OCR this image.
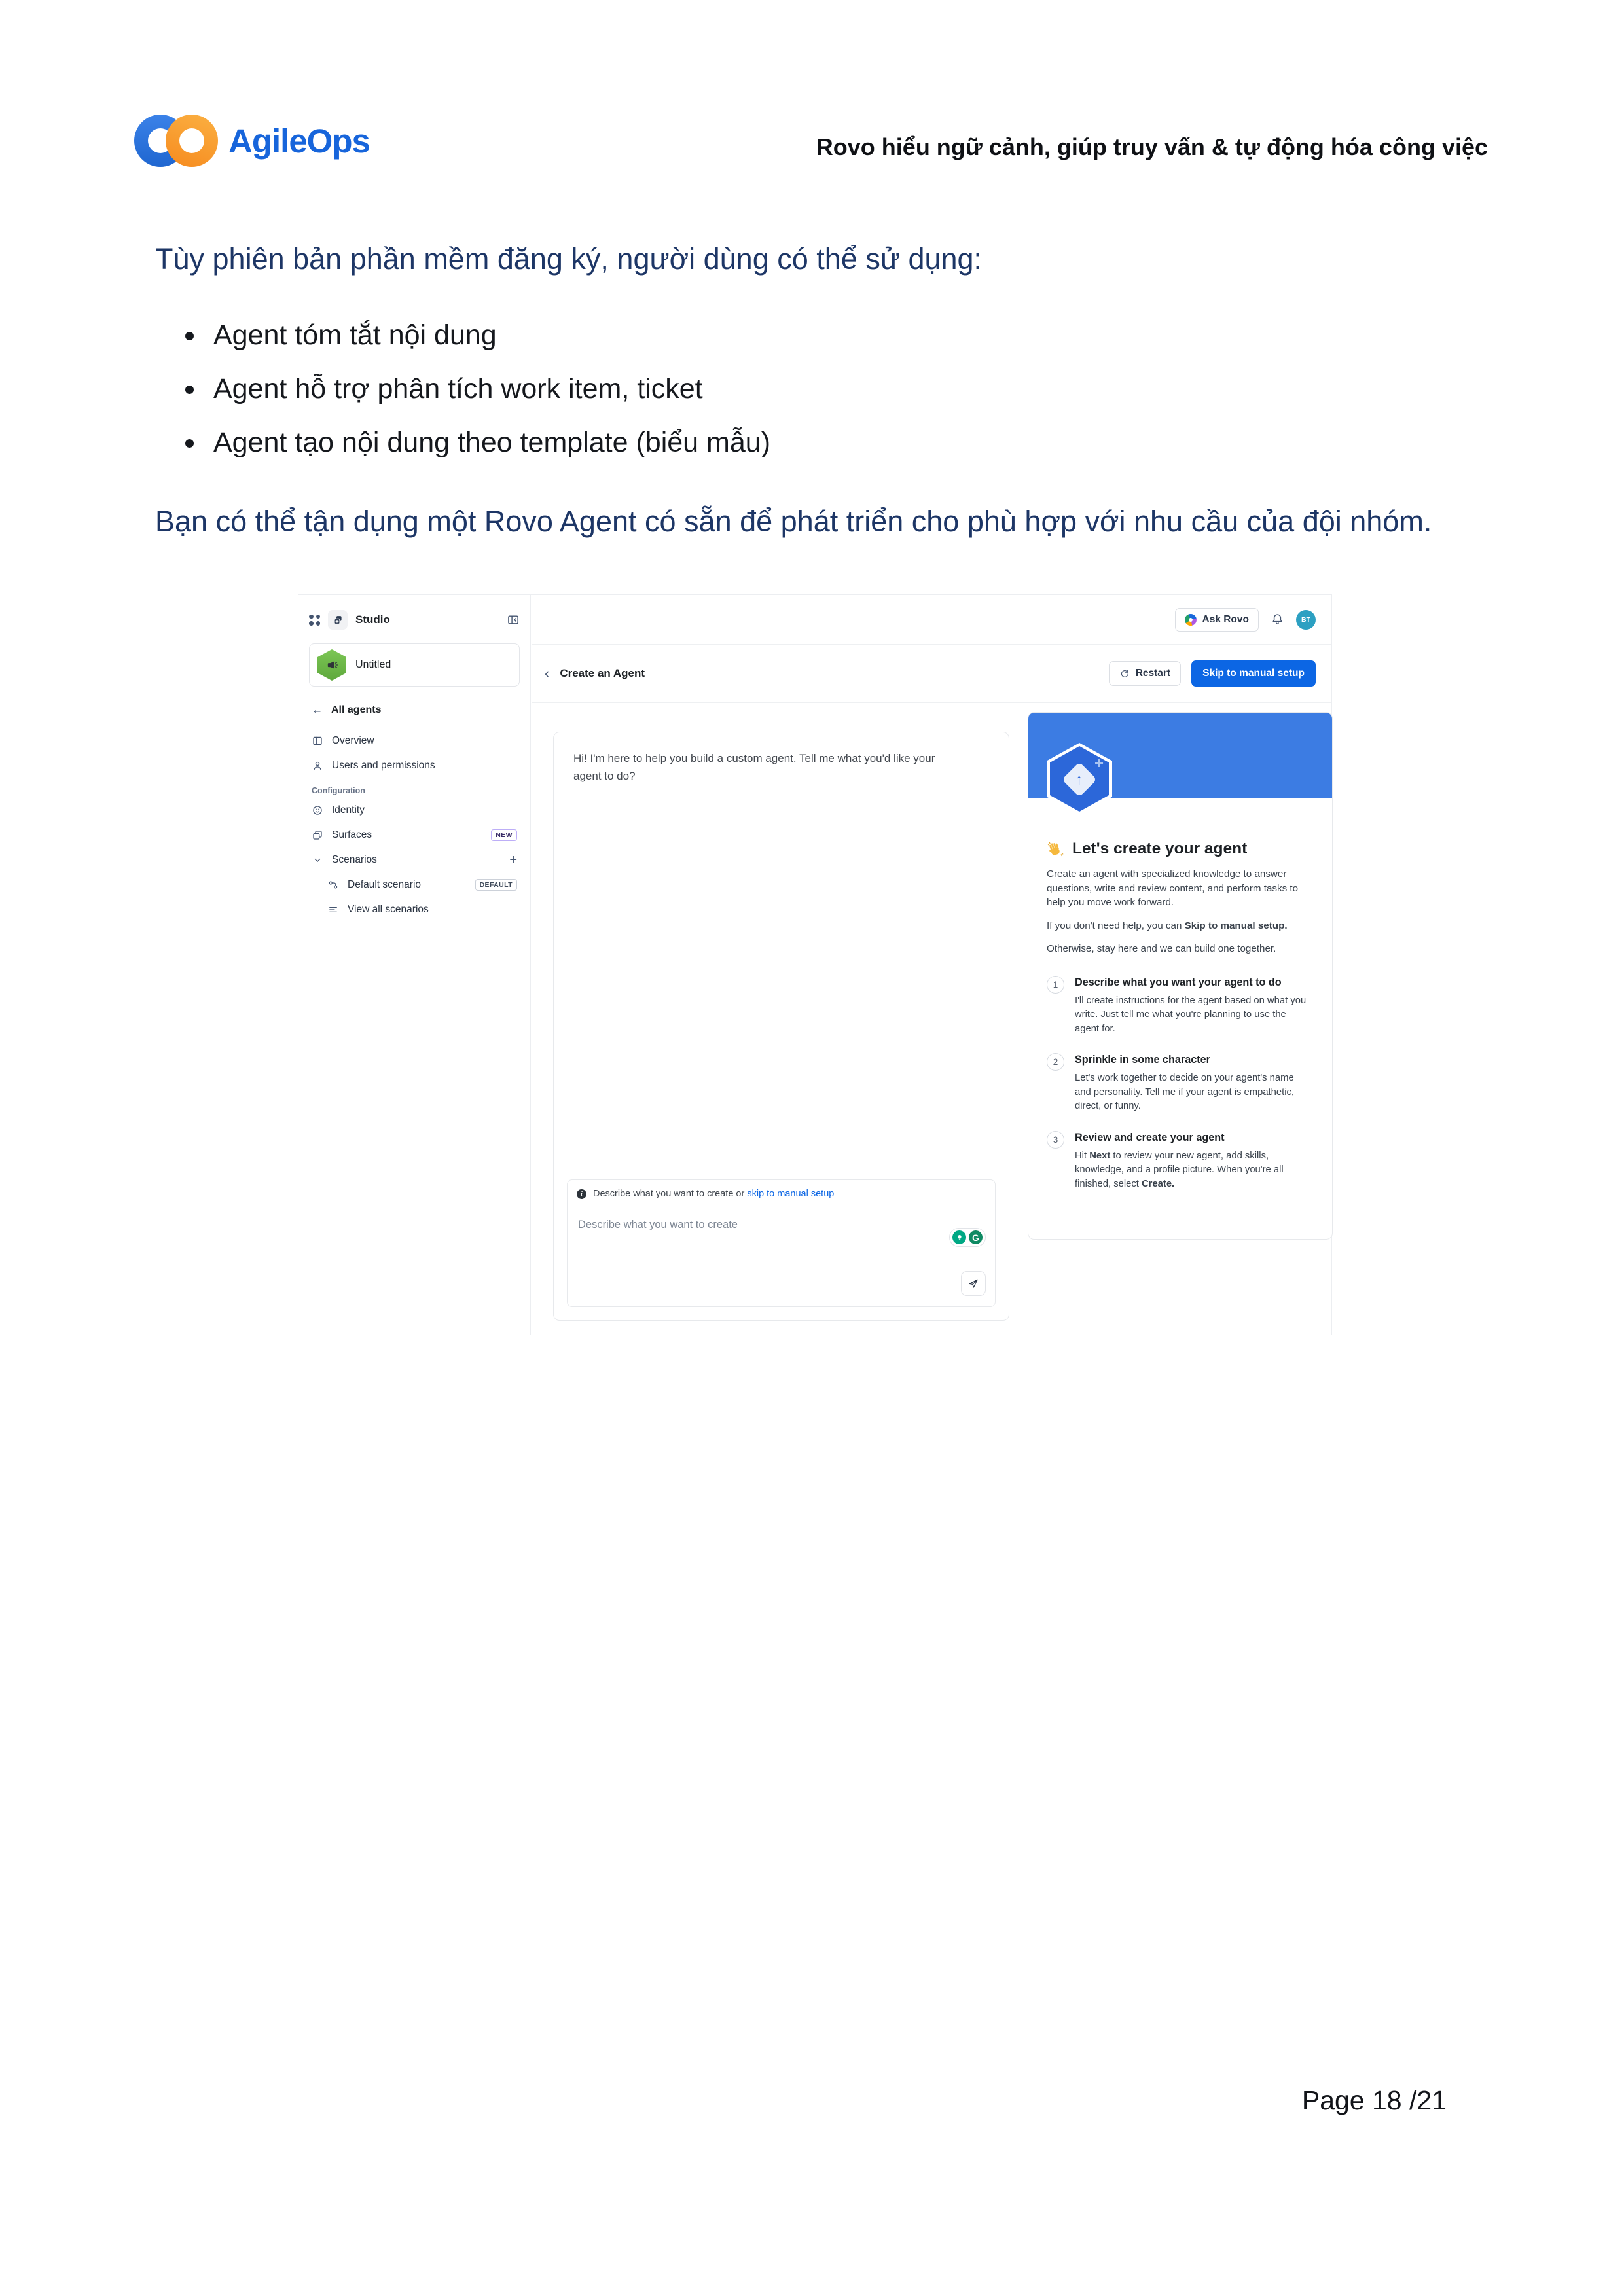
AgileOps	Rovo hiểu ngữ cảnh, giúp truy vấn & tự động hóa công việc
Tùy phiên bản phần mềm đăng ký, người dùng có thể sử dụng:
Agent tóm tắt nội dung
Agent hỗ trợ phân tích work item, ticket
Agent tạo nội dung theo template (biểu mẫu)
Bạn có thể tận dụng một Rovo Agent có sẵn để phát triển cho phù hợp với nhu cầu của đội nhóm.
Studio
Untitled
← All agents
Overview
Users and permissions
Configuration
Identity
Surfaces	NEW
Scenarios	+
Default scenario	DEFAULT
View all scenarios
Ask Rovo	BT
‹ Create an Agent	Restart	Skip to manual setup
Hi! I'm here to help you build a custom agent. Tell me what you'd like your agent to do?
i	Describe what you want to create or skip to manual setup
Describe what you want to create
G
↑
+
Let's create your agent

Create an agent with specialized knowledge to answer questions, write and review content, and perform tasks to help you move work forward.

If you don't need help, you can Skip to manual setup.

Otherwise, stay here and we can build one together.

1	Describe what you want your agent to do

I'll create instructions for the agent based on what you write. Just tell me what you're planning to use the agent for.

2	Sprinkle in some character

Let's work together to decide on your agent's name and personality. Tell me if your agent is empathetic, direct, or funny.

3	Review and create your agent

Hit Next to review your new agent, add skills, knowledge, and a profile picture. When you're all finished, select Create.

Page 18 /21
